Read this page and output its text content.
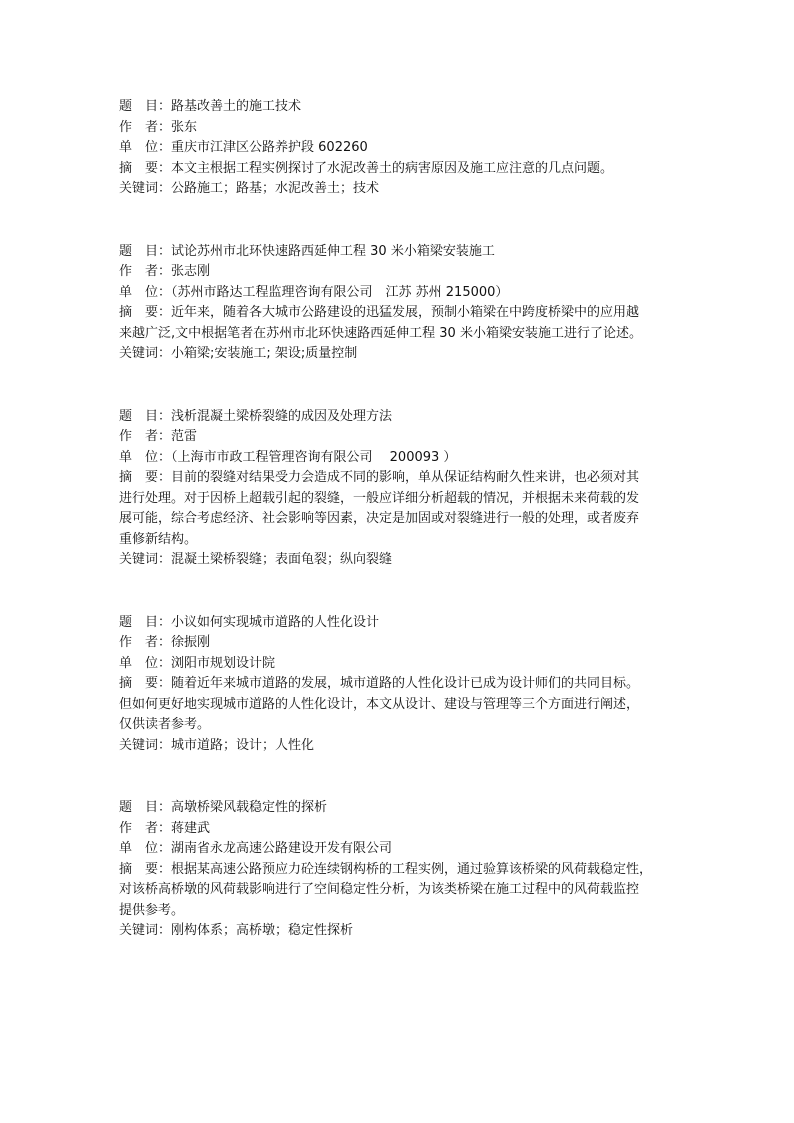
题　目：路基改善土的施工技术
作　者：张东
单　位：重庆市江津区公路养护段 602260
摘　要：本文主根据工程实例探讨了水泥改善土的病害原因及施工应注意的几点问题。
关键词：公路施工；路基；水泥改善土；技术
题　目：试论苏州市北环快速路西延伸工程 30 米小箱梁安装施工
作　者：张志刚
单　位：（苏州市路达工程监理咨询有限公司　江苏 苏州 215000）
摘　要：近年来，随着各大城市公路建设的迅猛发展，预制小箱梁在中跨度桥梁中的应用越
来越广泛,文中根据笔者在苏州市北环快速路西延伸工程 30 米小箱梁安装施工进行了论述。
关键词：小箱梁;安装施工; 架设;质量控制
题　目：浅析混凝土梁桥裂缝的成因及处理方法
作　者：范雷
单　位：（上海市市政工程管理咨询有限公司　 200093 ）
摘　要：目前的裂缝对结果受力会造成不同的影响，单从保证结构耐久性来讲，也必须对其
进行处理。对于因桥上超载引起的裂缝，一般应详细分析超载的情况，并根据未来荷载的发
展可能，综合考虑经济、社会影响等因素，决定是加固或对裂缝进行一般的处理，或者废弃
重修新结构。
关键词：混凝土梁桥裂缝；表面龟裂；纵向裂缝
题　目：小议如何实现城市道路的人性化设计
作　者：徐振刚
单　位：浏阳市规划设计院
摘　要：随着近年来城市道路的发展，城市道路的人性化设计已成为设计师们的共同目标。
但如何更好地实现城市道路的人性化设计，本文从设计、建设与管理等三个方面进行阐述，
仅供读者参考。
关键词：城市道路；设计；人性化
题　目：高墩桥梁风载稳定性的探析
作　者：蒋建武
单　位：湖南省永龙高速公路建设开发有限公司
摘　要：根据某高速公路预应力砼连续钢构桥的工程实例，通过验算该桥梁的风荷载稳定性，
对该桥高桥墩的风荷载影响进行了空间稳定性分析，为该类桥梁在施工过程中的风荷载监控
提供参考。
关键词：刚构体系；高桥墩；稳定性探析
